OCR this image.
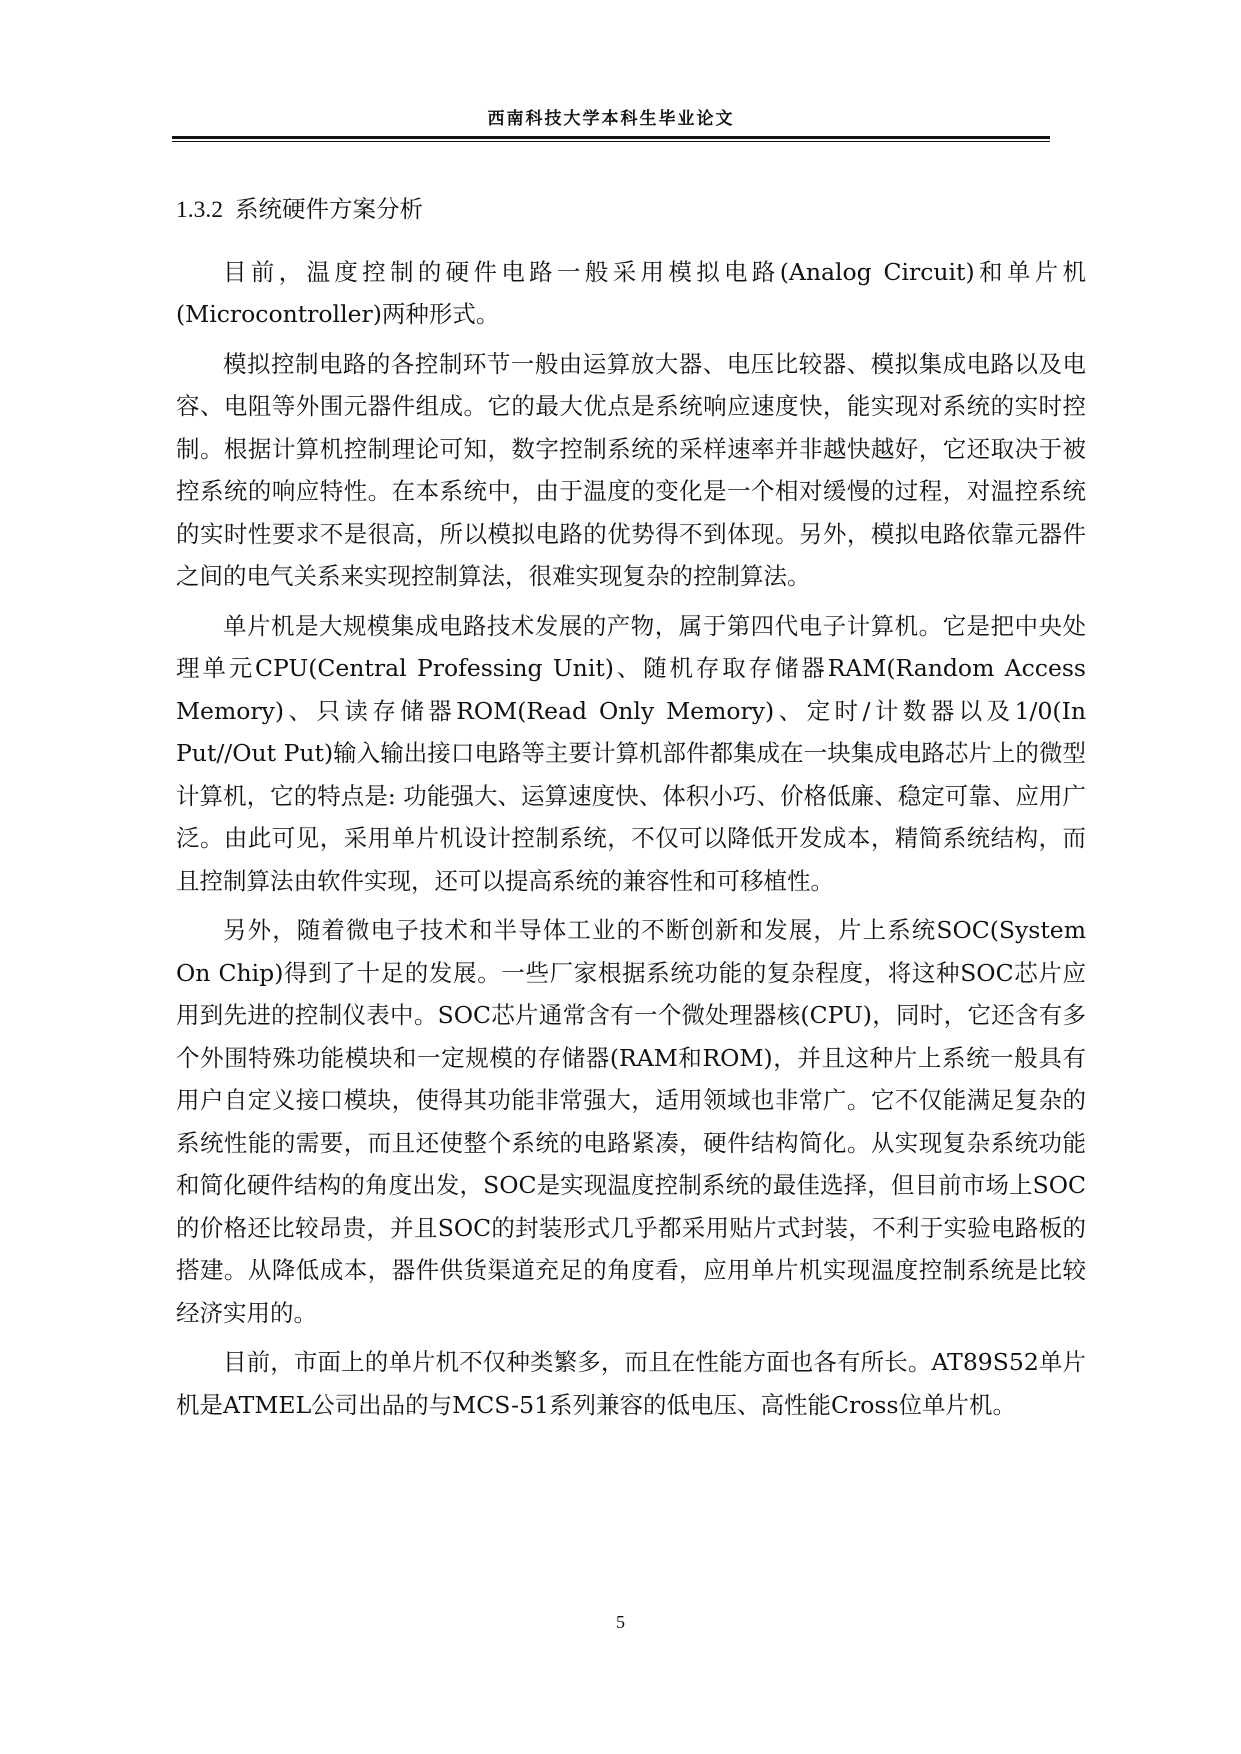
西南科技大学本科生毕业论文
1.3.2 系统硬件方案分析

目前，温度控制的硬件电路一般采用模拟电路(Analog Circuit)和单片机(Microcontroller)两种形式。

模拟控制电路的各控制环节一般由运算放大器、电压比较器、模拟集成电路以及电容、电阻等外围元器件组成。它的最大优点是系统响应速度快，能实现对系统的实时控制。根据计算机控制理论可知，数字控制系统的采样速率并非越快越好，它还取决于被控系统的响应特性。在本系统中，由于温度的变化是一个相对缓慢的过程，对温控系统的实时性要求不是很高，所以模拟电路的优势得不到体现。另外，模拟电路依靠元器件之间的电气关系来实现控制算法，很难实现复杂的控制算法。

单片机是大规模集成电路技术发展的产物，属于第四代电子计算机。它是把中央处理单元CPU(Central Professing Unit)、随机存取存储器RAM(Random Access Memory)、只读存储器ROM(Read Only Memory)、定时/计数器以及1/0(In Put//Out Put)输入输出接口电路等主要计算机部件都集成在一块集成电路芯片上的微型计算机，它的特点是: 功能强大、运算速度快、体积小巧、价格低廉、稳定可靠、应用广泛。由此可见，采用单片机设计控制系统，不仅可以降低开发成本，精简系统结构，而且控制算法由软件实现，还可以提高系统的兼容性和可移植性。

另外，随着微电子技术和半导体工业的不断创新和发展，片上系统SOC(System On Chip)得到了十足的发展。一些厂家根据系统功能的复杂程度，将这种SOC芯片应用到先进的控制仪表中。SOC芯片通常含有一个微处理器核(CPU)，同时，它还含有多个外围特殊功能模块和一定规模的存储器(RAM和ROM)，并且这种片上系统一般具有用户自定义接口模块，使得其功能非常强大，适用领域也非常广。它不仅能满足复杂的系统性能的需要，而且还使整个系统的电路紧凑，硬件结构简化。从实现复杂系统功能和简化硬件结构的角度出发，SOC是实现温度控制系统的最佳选择，但目前市场上SOC的价格还比较昂贵，并且SOC的封装形式几乎都采用贴片式封装，不利于实验电路板的搭建。从降低成本，器件供货渠道充足的角度看，应用单片机实现温度控制系统是比较经济实用的。

目前，市面上的单片机不仅种类繁多，而且在性能方面也各有所长。AT89S52单片机是ATMEL公司出品的与MCS-51系列兼容的低电压、高性能Cross位单片机。

5
